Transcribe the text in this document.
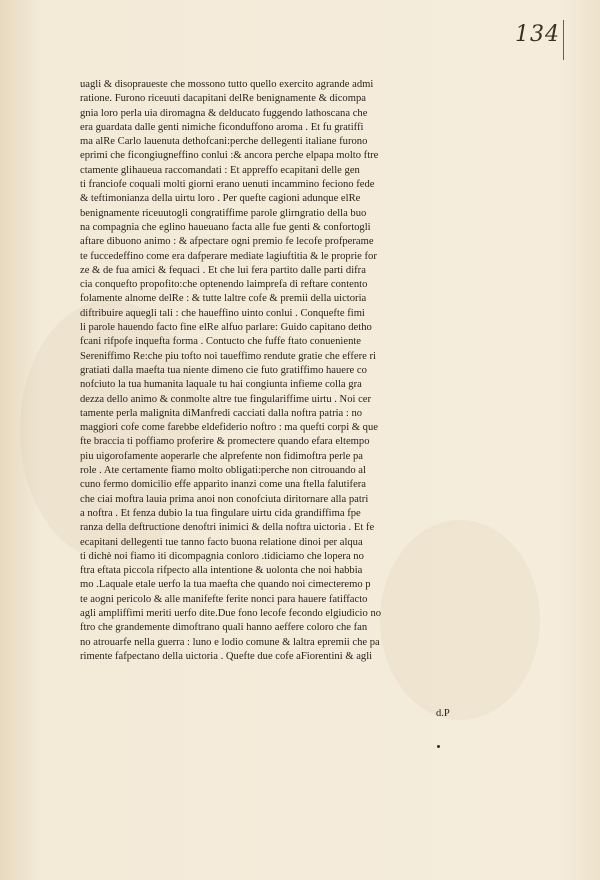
134
uagli & disopraueste che mossono tutto quello exercito agrande admi
ratione. Furono riceuuti dacapitani delRe benignamente & dicompa
gnia loro perla uia diromagna & delducato fuggendo lathoscana che
era guardata dalle genti nimiche ficonduffono aroma . Et fu gratiffi
ma alRe Carlo lauenuta dethofcani:perche dellegenti italiane furono
eprimi che ficongiugneffino conlui :& ancora perche elpapa molto ftre
ctamente glihaueua raccomandati : Et appreffo ecapitani delle gen
ti franciofe coquali molti giorni erano uenuti incammino feciono fede
& teftimonianza della uirtu loro . Per quefte cagioni adunque elRe
benignamente riceuutogli congratiffime parole glirngratio della buo
na compagnia che eglino haueuano facta alle fue genti & confortogli
aftare dibuono animo : & afpectare ogni premio fe lecofe profperame
te fuccedeffino come era dafperare mediate lagiuftitia & le proprie for
ze & de fua amici & fequaci . Et che lui fera partito dalle parti difra
cia conquefto propofito:che optenendo laimprefa di reftare contento
folamente alnome delRe : & tutte laltre cofe & premii della uictoria
diftribuire aquegli tali : che haueffino uinto conlui . Conquefte fimi
li parole hauendo facto fine elRe alfuo parlare: Guido capitano detho
fcani rifpofe inquefta forma . Contucto che fuffe ftato conueniente
Sereniffimo Re:che piu tofto noi taueffimo rendute gratie che effere ri
gratiati dalla maefta tua niente dimeno cie futo gratiffimo hauere co
nofciuto la tua humanita laquale tu hai congiunta infieme colla gra
dezza dello animo & conmolte altre tue fingulariffime uirtu . Noi cer
tamente perla malignita diManfredi cacciati dalla noftra patria : no
maggiori cofe come farebbe eldefiderio noftro : ma quefti corpi & que
fte braccia ti poffiamo proferire & promectere quando efara eltempo
piu uigorofamente aoperarle che alprefente non fidimoftra perle pa
role . Ate certamente fiamo molto obligati:perche non citrouando al
cuno fermo domicilio effe apparito inanzi come una ftella falutifera
che ciai moftra lauia prima anoi non conofciuta diritornare alla patri
a noftra . Et fenza dubio la tua fingulare uirtu cida grandiffima fpe
ranza della deftructione denoftri inimici & della noftra uictoria . Et fe
ecapitani dellegenti tue tanno facto buona relatione dinoi per alqua
ti dichè noi fiamo iti dicompagnia conloro .tidiciamo che lopera no
ftra eftata piccola rifpecto alla intentione & uolonta che noi habbia
mo .Laquale etale uerfo la tua maefta che quando noi cimecteremo p
te aogni pericolo & alle manifefte ferite nonci para hauere fatiffacto
agli ampliffimi meriti uerfo dite.Due fono lecofe fecondo elgiudicio no
ftro che grandemente dimoftrano quali hanno aeffere coloro che fan
no atrouarfe nella guerra : luno e lodio comune & laltra epremii che pa
rimente fafpectano della uictoria . Quefte due cofe aFiorentini & agli
d.P
